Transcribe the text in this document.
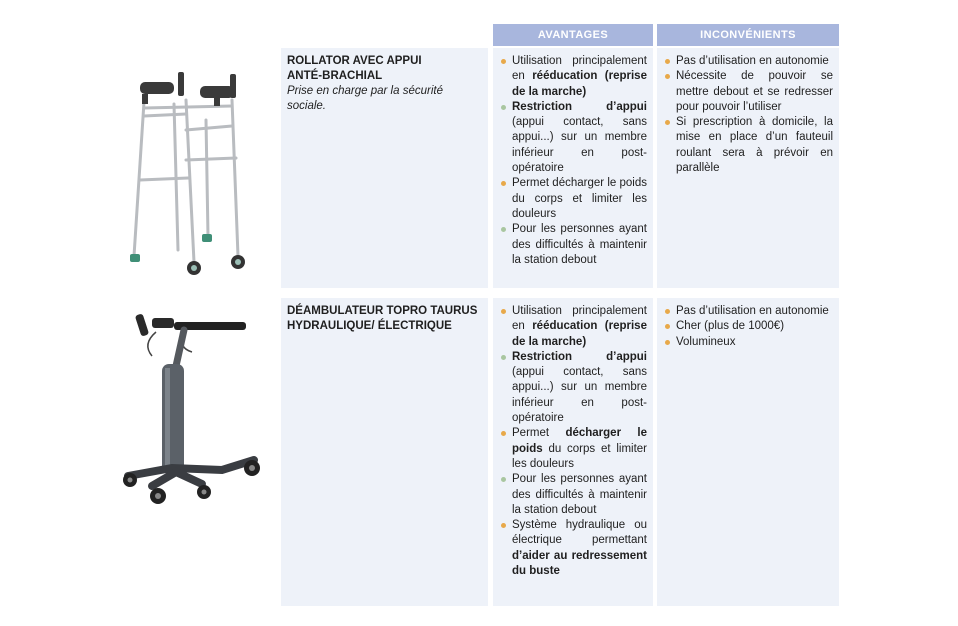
AVANTAGES	INCONVÉNIENTS
ROLLATOR AVEC APPUI
ANTÉ-BRACHIAL
Prise en charge par la sécurité sociale.
Utilisation principalement en rééducation (reprise de la marche)
Restriction d’appui (appui contact, sans appui...) sur un membre inférieur en post-opératoire
Permet décharger le poids du corps et limiter les douleurs
Pour les personnes ayant des difficultés à maintenir la station debout
Pas d’utilisation en autonomie
Nécessite de pouvoir se mettre debout et se redresser pour pouvoir l’utiliser
Si prescription à domicile, la mise en place d’un fauteuil roulant sera à prévoir en parallèle
DÉAMBULATEUR TOPRO TAURUS
HYDRAULIQUE/ ÉLECTRIQUE
Utilisation principalement en rééducation (reprise de la marche)
Restriction d’appui (appui contact, sans appui...) sur un membre inférieur en post-opératoire
Permet décharger le poids du corps et limiter les douleurs
Pour les personnes ayant des difficultés à maintenir la station debout
Système hydraulique ou électrique permettant d’aider au redressement du buste
Pas d’utilisation en autonomie
Cher (plus de 1000€)
Volumineux
